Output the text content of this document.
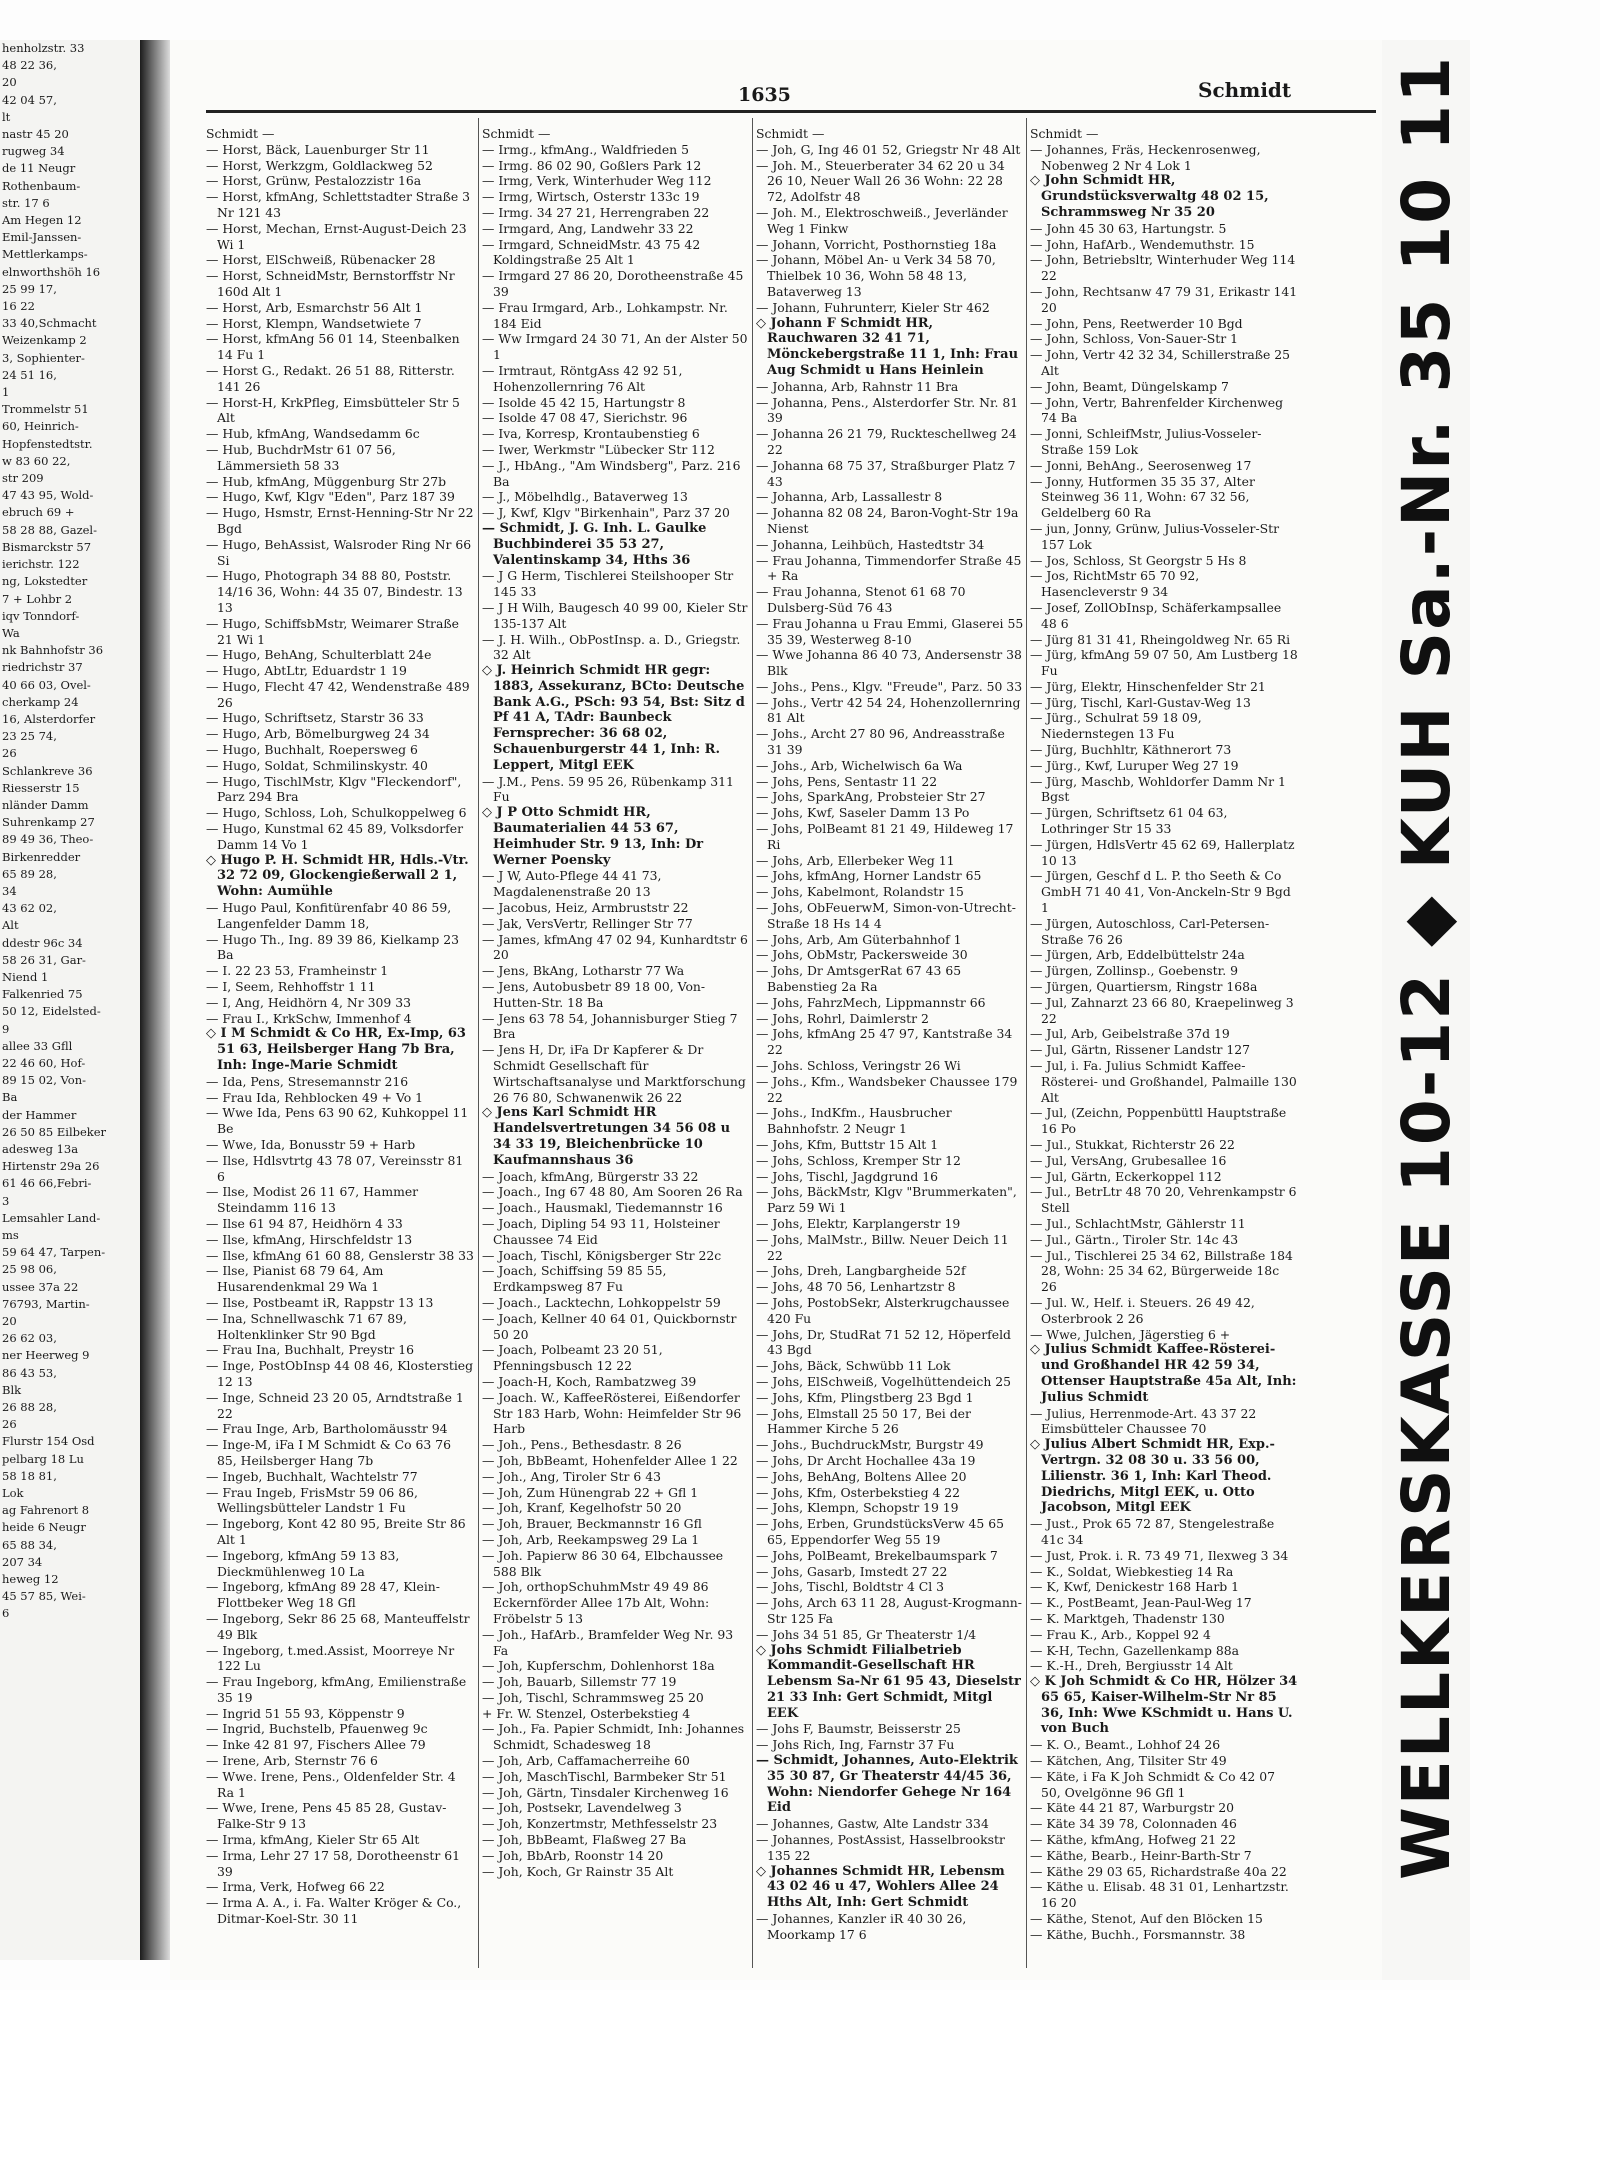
henholzstr. 33
48 22 36,
20
42 04 57,
lt
nastr 45 20
rugweg 34
de 11 Neugr
Rothenbaum-
str. 17 6
Am Hegen 12
Emil-Janssen-
Mettlerkamps-
elnworthshöh 16
25 99 17,
16 22
33 40,Schmacht
Weizenkamp 2
3, Sophienter-
24 51 16,
1
Trommelstr 51
60, Heinrich-
Hopfenstedtstr.
w 83 60 22,
str 209
47 43 95, Wold-
ebruch 69 +
58 28 88, Gazel-
Bismarckstr 57
ierichstr. 122
ng, Lokstedter
7 + Lohbr 2
iqv Tonndorf-
Wa
nk Bahnhofstr 36
riedrichstr 37
40 66 03, Ovel-
cherkamp 24
16, Alsterdorfer
23 25 74,
26
Schlankreve 36
Riesserstr 15
nländer Damm
Suhrenkamp 27
89 49 36, Theo-
Birkenredder
65 89 28,
34
43 62 02,
Alt
ddestr 96c 34
58 26 31, Gar-
Niend 1
Falkenried 75
50 12, Eidelsted-
9
allee 33 Gfll
22 46 60, Hof-
89 15 02, Von-
Ba
der Hammer
26 50 85 Eilbeker
adesweg 13a
Hirtenstr 29a 26
61 46 66,Febri-
3
Lemsahler Land-
ms
59 64 47, Tarpen-
25 98 06,
ussee 37a 22
76793, Martin-
20
26 62 03,
ner Heerweg 9
86 43 53,
Blk
26 88 28,
26
Flurstr 154 Osd
pelbarg 18 Lu
58 18 81,
Lok
ag Fahrenort 8
heide 6 Neugr
65 88 34,
207 34
heweg 12
45 57 85, Wei-
6
1635	Schmidt
Schmidt —
— Horst, Bäck, Lauenburger Str 11
— Horst, Werkzgm, Goldlackweg 52
— Horst, Grünw, Pestalozzistr 16a
— Horst, kfmAng, Schlettstadter Straße 3 Nr 121 43
— Horst, Mechan, Ernst-August-Deich 23 Wi 1
— Horst, ElSchweiß, Rübenacker 28
— Horst, SchneidMstr, Bernstorffstr Nr 160d Alt 1
— Horst, Arb, Esmarchstr 56 Alt 1
— Horst, Klempn, Wandsetwiete 7
— Horst, kfmAng 56 01 14, Steenbalken 14 Fu 1
— Horst G., Redakt. 26 51 88, Ritterstr. 141 26
— Horst-H, KrkPfleg, Eimsbütteler Str 5 Alt
— Hub, kfmAng, Wandsedamm 6c
— Hub, BuchdrMstr 61 07 56, Lämmersieth 58 33
— Hub, kfmAng, Müggenburg Str 27b
— Hugo, Kwf, Klgv "Eden", Parz 187 39
— Hugo, Hsmstr, Ernst-Henning-Str Nr 22 Bgd
— Hugo, BehAssist, Walsroder Ring Nr 66 Si
— Hugo, Photograph 34 88 80, Poststr. 14/16 36, Wohn: 44 35 07, Bindestr. 13 13
— Hugo, SchiffsbMstr, Weimarer Straße 21 Wi 1
— Hugo, BehAng, Schulterblatt 24e
— Hugo, AbtLtr, Eduardstr 1 19
— Hugo, Flecht 47 42, Wendenstraße 489 26
— Hugo, Schriftsetz, Starstr 36 33
— Hugo, Arb, Bömelburgweg 24 34
— Hugo, Buchhalt, Roepersweg 6
— Hugo, Soldat, Schmilinskystr. 40
— Hugo, TischlMstr, Klgv "Fleckendorf", Parz 294 Bra
— Hugo, Schloss, Loh, Schulkoppelweg 6
— Hugo, Kunstmal 62 45 89, Volksdorfer Damm 14 Vo 1
◇ Hugo P. H. Schmidt HR, Hdls.-Vtr. 32 72 09, Glockengießerwall 2 1, Wohn: Aumühle
— Hugo Paul, Konfitürenfabr 40 86 59, Langenfelder Damm 18,
— Hugo Th., Ing. 89 39 86, Kielkamp 23 Ba
— I. 22 23 53, Framheinstr 1
— I, Seem, Rehhoffstr 1 11
— I, Ang, Heidhörn 4, Nr 309 33
— Frau I., KrkSchw, Immenhof 4
◇ I M Schmidt & Co HR, Ex-Imp, 63 51 63, Heilsberger Hang 7b Bra, Inh: Inge-Marie Schmidt
— Ida, Pens, Stresemannstr 216
— Frau Ida, Rehblocken 49 + Vo 1
— Wwe Ida, Pens 63 90 62, Kuhkoppel 11 Be
— Wwe, Ida, Bonusstr 59 + Harb
— Ilse, Hdlsvtrtg 43 78 07, Vereinsstr 81 6
— Ilse, Modist 26 11 67, Hammer Steindamm 116 13
— Ilse 61 94 87, Heidhörn 4 33
— Ilse, kfmAng, Hirschfeldstr 13
— Ilse, kfmAng 61 60 88, Genslerstr 38 33
— Ilse, Pianist 68 79 64, Am Husarendenkmal 29 Wa 1
— Ilse, Postbeamt iR, Rappstr 13 13
— Ina, Schnellwaschk 71 67 89, Holtenklinker Str 90 Bgd
— Frau Ina, Buchhalt, Preystr 16
— Inge, PostObInsp 44 08 46, Klosterstieg 12 13
— Inge, Schneid 23 20 05, Arndtstraße 1 22
— Frau Inge, Arb, Bartholomäusstr 94
— Inge-M, iFa I M Schmidt & Co 63 76 85, Heilsberger Hang 7b
— Ingeb, Buchhalt, Wachtelstr 77
— Frau Ingeb, FrisMstr 59 06 86, Wellingsbütteler Landstr 1 Fu
— Ingeborg, Kont 42 80 95, Breite Str 86 Alt 1
— Ingeborg, kfmAng 59 13 83, Dieckmühlenweg 10 La
— Ingeborg, kfmAng 89 28 47, Klein-Flottbeker Weg 18 Gfl
— Ingeborg, Sekr 86 25 68, Manteuffelstr 49 Blk
— Ingeborg, t.med.Assist, Moorreye Nr 122 Lu
— Frau Ingeborg, kfmAng, Emilienstraße 35 19
— Ingrid 51 55 93, Köppenstr 9
— Ingrid, Buchstelb, Pfauenweg 9c
— Inke 42 81 97, Fischers Allee 79
— Irene, Arb, Sternstr 76 6
— Wwe. Irene, Pens., Oldenfelder Str. 4 Ra 1
— Wwe, Irene, Pens 45 85 28, Gustav-Falke-Str 9 13
— Irma, kfmAng, Kieler Str 65 Alt
— Irma, Lehr 27 17 58, Dorotheenstr 61 39
— Irma, Verk, Hofweg 66 22
— Irma A. A., i. Fa. Walter Kröger & Co., Ditmar-Koel-Str. 30 11
Schmidt —
— Irmg., kfmAng., Waldfrieden 5
— Irmg. 86 02 90, Goßlers Park 12
— Irmg, Verk, Winterhuder Weg 112
— Irmg, Wirtsch, Osterstr 133c 19
— Irmg. 34 27 21, Herrengraben 22
— Irmgard, Ang, Landwehr 33 22
— Irmgard, SchneidMstr. 43 75 42 Koldingstraße 25 Alt 1
— Irmgard 27 86 20, Dorotheenstraße 45 39
— Frau Irmgard, Arb., Lohkampstr. Nr. 184 Eid
— Ww Irmgard 24 30 71, An der Alster 50 1
— Irmtraut, RöntgAss 42 92 51, Hohenzollernring 76 Alt
— Isolde 45 42 15, Hartungstr 8
— Isolde 47 08 47, Sierichstr. 96
— Iva, Korresp, Krontaubenstieg 6
— Iwer, Werkmstr "Lübecker Str 112
— J., HbAng., "Am Windsberg", Parz. 216 Ba
— J., Möbelhdlg., Bataverweg 13
— J, Kwf, Klgv "Birkenhain", Parz 37 20
— Schmidt, J. G. Inh. L. Gaulke Buchbinderei 35 53 27, Valentinskamp 34, Hths 36
— J G Herm, Tischlerei Steilshooper Str 145 33
— J H Wilh, Baugesch 40 99 00, Kieler Str 135-137 Alt
— J. H. Wilh., ObPostInsp. a. D., Griegstr. 32 Alt
◇ J. Heinrich Schmidt HR gegr: 1883, Assekuranz, BCto: Deutsche Bank A.G., PSch: 93 54, Bst: Sitz d Pf 41 A, TAdr: Baunbeck Fernsprecher: 36 68 02, Schauenburgerstr 44 1, Inh: R. Leppert, Mitgl EEK
— J.M., Pens. 59 95 26, Rübenkamp 311 Fu
◇ J P Otto Schmidt HR, Baumaterialien 44 53 67, Heimhuder Str. 9 13, Inh: Dr Werner Poensky
— J W, Auto-Pflege 44 41 73, Magdalenenstraße 20 13
— Jacobus, Heiz, Armbruststr 22
— Jak, VersVertr, Rellinger Str 77
— James, kfmAng 47 02 94, Kunhardtstr 6 20
— Jens, BkAng, Lotharstr 77 Wa
— Jens, Autobusbetr 89 18 00, Von-Hutten-Str. 18 Ba
— Jens 63 78 54, Johannisburger Stieg 7 Bra
— Jens H, Dr, iFa Dr Kapferer & Dr Schmidt Gesellschaft für Wirtschaftsanalyse und Marktforschung 26 76 80, Schwanenwik 26 22
◇ Jens Karl Schmidt HR Handelsvertretungen 34 56 08 u 34 33 19, Bleichenbrücke 10 Kaufmannshaus 36
— Joach, kfmAng, Bürgerstr 33 22
— Joach., Ing 67 48 80, Am Sooren 26 Ra
— Joach., Hausmakl, Tiedemannstr 16
— Joach, Dipling 54 93 11, Holsteiner Chaussee 74 Eid
— Joach, Tischl, Königsberger Str 22c
— Joach, Schiffsing 59 85 55, Erdkampsweg 87 Fu
— Joach., Lacktechn, Lohkoppelstr 59
— Joach, Kellner 40 64 01, Quickbornstr 50 20
— Joach, Polbeamt 23 20 51, Pfenningsbusch 12 22
— Joach-H, Koch, Rambatzweg 39
— Joach. W., KaffeeRösterei, Eißendorfer Str 183 Harb, Wohn: Heimfelder Str 96 Harb
— Joh., Pens., Bethesdastr. 8 26
— Joh, BbBeamt, Hohenfelder Allee 1 22
— Joh., Ang, Tiroler Str 6 43
— Joh, Zum Hünengrab 22 + Gfl 1
— Joh, Kranf, Kegelhofstr 50 20
— Joh, Brauer, Beckmannstr 16 Gfl
— Joh, Arb, Reekampsweg 29 La 1
— Joh. Papierw 86 30 64, Elbchaussee 588 Blk
— Joh, orthopSchuhmMstr 49 49 86 Eckernförder Allee 17b Alt, Wohn: Fröbelstr 5 13
— Joh., HafArb., Bramfelder Weg Nr. 93 Fa
— Joh, Kupferschm, Dohlenhorst 18a
— Joh, Bauarb, Sillemstr 77 19
— Joh, Tischl, Schrammsweg 25 20
+ Fr. W. Stenzel, Osterbekstieg 4
— Joh., Fa. Papier Schmidt, Inh: Johannes Schmidt, Schadesweg 18
— Joh, Arb, Caffamacherreihe 60
— Joh, MaschTischl, Barmbeker Str 51
— Joh, Gärtn, Tinsdaler Kirchenweg 16
— Joh, Postsekr, Lavendelweg 3
— Joh, Konzertmstr, Methfesselstr 23
— Joh, BbBeamt, Flaßweg 27 Ba
— Joh, BbArb, Roonstr 14 20
— Joh, Koch, Gr Rainstr 35 Alt
Schmidt —
— Joh, G, Ing 46 01 52, Griegstr Nr 48 Alt
— Joh. M., Steuerberater 34 62 20 u 34 26 10, Neuer Wall 26 36 Wohn: 22 28 72, Adolfstr 48
— Joh. M., Elektroschweiß., Jeverländer Weg 1 Finkw
— Johann, Vorricht, Posthornstieg 18a
— Johann, Möbel An- u Verk 34 58 70, Thielbek 10 36, Wohn 58 48 13, Bataverweg 13
— Johann, Fuhrunterr, Kieler Str 462
◇ Johann F Schmidt HR, Rauchwaren 32 41 71, Mönckebergstraße 11 1, Inh: Frau Aug Schmidt u Hans Heinlein
— Johanna, Arb, Rahnstr 11 Bra
— Johanna, Pens., Alsterdorfer Str. Nr. 81 39
— Johanna 26 21 79, Ruckteschellweg 24 22
— Johanna 68 75 37, Straßburger Platz 7 43
— Johanna, Arb, Lassallestr 8
— Johanna 82 08 24, Baron-Voght-Str 19a Nienst
— Johanna, Leihbüch, Hastedtstr 34
— Frau Johanna, Timmendorfer Straße 45 + Ra
— Frau Johanna, Stenot 61 68 70 Dulsberg-Süd 76 43
— Frau Johanna u Frau Emmi, Glaserei 55 35 39, Westerweg 8-10
— Wwe Johanna 86 40 73, Andersenstr 38 Blk
— Johs., Pens., Klgv. "Freude", Parz. 50 33
— Johs., Vertr 42 54 24, Hohenzollernring 81 Alt
— Johs., Archt 27 80 96, Andreasstraße 31 39
— Johs., Arb, Wichelwisch 6a Wa
— Johs, Pens, Sentastr 11 22
— Johs, SparkAng, Probsteier Str 27
— Johs, Kwf, Saseler Damm 13 Po
— Johs, PolBeamt 81 21 49, Hildeweg 17 Ri
— Johs, Arb, Ellerbeker Weg 11
— Johs, kfmAng, Horner Landstr 65
— Johs, Kabelmont, Rolandstr 15
— Johs, ObFeuerwM, Simon-von-Utrecht-Straße 18 Hs 14 4
— Johs, Arb, Am Güterbahnhof 1
— Johs, ObMstr, Packersweide 30
— Johs, Dr AmtsgerRat 67 43 65 Babenstieg 2a Ra
— Johs, FahrzMech, Lippmannstr 66
— Johs, Rohrl, Daimlerstr 2
— Johs, kfmAng 25 47 97, Kantstraße 34 22
— Johs. Schloss, Veringstr 26 Wi
— Johs., Kfm., Wandsbeker Chaussee 179 22
— Johs., IndKfm., Hausbrucher Bahnhofstr. 2 Neugr 1
— Johs, Kfm, Buttstr 15 Alt 1
— Johs, Schloss, Kremper Str 12
— Johs, Tischl, Jagdgrund 16
— Johs, BäckMstr, Klgv "Brummerkaten", Parz 59 Wi 1
— Johs, Elektr, Karplangerstr 19
— Johs, MalMstr., Billw. Neuer Deich 11 22
— Johs, Dreh, Langbargheide 52f
— Johs, 48 70 56, Lenhartzstr 8
— Johs, PostobSekr, Alsterkrugchaussee 420 Fu
— Johs, Dr, StudRat 71 52 12, Höperfeld 43 Bgd
— Johs, Bäck, Schwübb 11 Lok
— Johs, ElSchweiß, Vogelhüttendeich 25
— Johs, Kfm, Plingstberg 23 Bgd 1
— Johs, Elmstall 25 50 17, Bei der Hammer Kirche 5 26
— Johs., BuchdruckMstr, Burgstr 49
— Johs, Dr Archt Hochallee 43a 19
— Johs, BehAng, Boltens Allee 20
— Johs, Kfm, Osterbekstieg 4 22
— Johs, Klempn, Schopstr 19 19
— Johs, Erben, GrundstücksVerw 45 65 65, Eppendorfer Weg 55 19
— Johs, PolBeamt, Brekelbaumspark 7
— Johs, Gasarb, Imstedt 27 22
— Johs, Tischl, Boldtstr 4 Cl 3
— Johs, Arch 63 11 28, August-Krogmann-Str 125 Fa
— Johs 34 51 85, Gr Theaterstr 1/4
◇ Johs Schmidt Filialbetrieb Kommandit-Gesellschaft HR Lebensm Sa-Nr 61 95 43, Dieselstr 21 33 Inh: Gert Schmidt, Mitgl EEK
— Johs F, Baumstr, Beisserstr 25
— Johs Rich, Ing, Farnstr 37 Fu
— Schmidt, Johannes, Auto-Elektrik 35 30 87, Gr Theaterstr 44/45 36, Wohn: Niendorfer Gehege Nr 164 Eid
— Johannes, Gastw, Alte Landstr 334
— Johannes, PostAssist, Hasselbrookstr 135 22
◇ Johannes Schmidt HR, Lebensm 43 02 46 u 47, Wohlers Allee 24 Hths Alt, Inh: Gert Schmidt
— Johannes, Kanzler iR 40 30 26, Moorkamp 17 6
Schmidt —
— Johannes, Fräs, Heckenrosenweg, Nobenweg 2 Nr 4 Lok 1
◇ John Schmidt HR, Grundstücksverwaltg 48 02 15, Schrammsweg Nr 35 20
— John 45 30 63, Hartungstr. 5
— John, HafArb., Wendemuthstr. 15
— John, Betriebsltr, Winterhuder Weg 114 22
— John, Rechtsanw 47 79 31, Erikastr 141 20
— John, Pens, Reetwerder 10 Bgd
— John, Schloss, Von-Sauer-Str 1
— John, Vertr 42 32 34, Schillerstraße 25 Alt
— John, Beamt, Düngelskamp 7
— John, Vertr, Bahrenfelder Kirchenweg 74 Ba
— Jonni, SchleifMstr, Julius-Vosseler-Straße 159 Lok
— Jonni, BehAng., Seerosenweg 17
— Jonny, Hutformen 35 35 37, Alter Steinweg 36 11, Wohn: 67 32 56, Geldelberg 60 Ra
— jun, Jonny, Grünw, Julius-Vosseler-Str 157 Lok
— Jos, Schloss, St Georgstr 5 Hs 8
— Jos, RichtMstr 65 70 92, Hasencleverstr 9 34
— Josef, ZollObInsp, Schäferkampsallee 48 6
— Jürg 81 31 41, Rheingoldweg Nr. 65 Ri
— Jürg, kfmAng 59 07 50, Am Lustberg 18 Fu
— Jürg, Elektr, Hinschenfelder Str 21
— Jürg, Tischl, Karl-Gustav-Weg 13
— Jürg., Schulrat 59 18 09, Niedernstegen 13 Fu
— Jürg, Buchhltr, Käthnerort 73
— Jürg., Kwf, Luruper Weg 27 19
— Jürg, Maschb, Wohldorfer Damm Nr 1 Bgst
— Jürgen, Schriftsetz 61 04 63, Lothringer Str 15 33
— Jürgen, HdlsVertr 45 62 69, Hallerplatz 10 13
— Jürgen, Geschf d L. P. tho Seeth & Co GmbH 71 40 41, Von-Anckeln-Str 9 Bgd 1
— Jürgen, Autoschloss, Carl-Petersen-Straße 76 26
— Jürgen, Arb, Eddelbüttelstr 24a
— Jürgen, Zollinsp., Goebenstr. 9
— Jürgen, Quartiersm, Ringstr 168a
— Jul, Zahnarzt 23 66 80, Kraepelinweg 3 22
— Jul, Arb, Geibelstraße 37d 19
— Jul, Gärtn, Rissener Landstr 127
— Jul, i. Fa. Julius Schmidt Kaffee-Rösterei- und Großhandel, Palmaille 130 Alt
— Jul, (Zeichn, Poppenbüttl Hauptstraße 16 Po
— Jul., Stukkat, Richterstr 26 22
— Jul, VersAng, Grubesallee 16
— Jul, Gärtn, Eckerkoppel 112
— Jul., BetrLtr 48 70 20, Vehrenkampstr 6 Stell
— Jul., SchlachtMstr, Gählerstr 11
— Jul., Gärtn., Tiroler Str. 14c 43
— Jul., Tischlerei 25 34 62, Billstraße 184 28, Wohn: 25 34 62, Bürgerweide 18c 26
— Jul. W., Helf. i. Steuers. 26 49 42, Osterbrook 2 26
— Wwe, Julchen, Jägerstieg 6 +
◇ Julius Schmidt Kaffee-Rösterei- und Großhandel HR 42 59 34, Ottenser Hauptstraße 45a Alt, Inh: Julius Schmidt
— Julius, Herrenmode-Art. 43 37 22 Eimsbütteler Chaussee 70
◇ Julius Albert Schmidt HR, Exp.-Vertrgn. 32 08 30 u. 33 56 00, Lilienstr. 36 1, Inh: Karl Theod. Diedrichs, Mitgl EEK, u. Otto Jacobson, Mitgl EEK
— Just., Prok 65 72 87, Stengelestraße 41c 34
— Just, Prok. i. R. 73 49 71, Ilexweg 3 34
— K., Soldat, Wiebkestieg 14 Ra
— K, Kwf, Denickestr 168 Harb 1
— K., PostBeamt, Jean-Paul-Weg 17
— K. Marktgeh, Thadenstr 130
— Frau K., Arb., Koppel 92 4
— K-H, Techn, Gazellenkamp 88a
— K.-H., Dreh, Bergiusstr 14 Alt
◇ K Joh Schmidt & Co HR, Hölzer 34 65 65, Kaiser-Wilhelm-Str Nr 85 36, Inh: Wwe KSchmidt u. Hans U. von Buch
— K. O., Beamt., Lohhof 24 26
— Kätchen, Ang, Tilsiter Str 49
— Käte, i Fa K Joh Schmidt & Co 42 07 50, Ovelgönne 96 Gfl 1
— Käte 44 21 87, Warburgstr 20
— Käte 34 39 78, Colonnaden 46
— Käthe, kfmAng, Hofweg 21 22
— Käthe, Bearb., Heinr-Barth-Str 7
— Käthe 29 03 65, Richardstraße 40a 22
— Käthe u. Elisab. 48 31 01, Lenhartzstr. 16 20
— Käthe, Stenot, Auf den Blöcken 15
— Käthe, Buchh., Forsmannstr. 38
WELLKERSKASSE 10-12 ◆ KUH Sa.-Nr. 35 10 11
